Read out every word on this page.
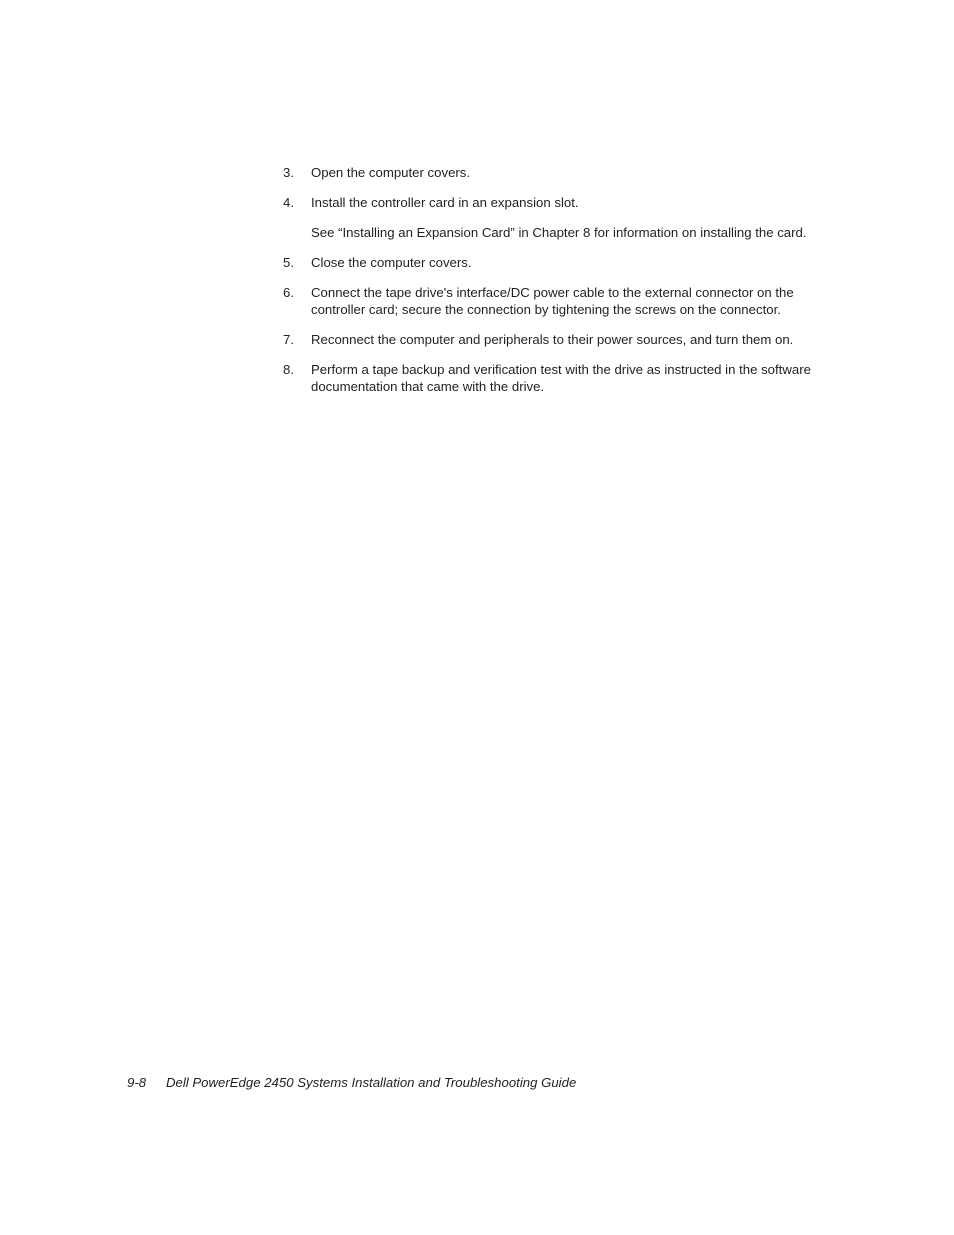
3.	Open the computer covers.
4.	Install the controller card in an expansion slot.
See “Installing an Expansion Card” in Chapter 8 for information on installing the card.
5.	Close the computer covers.
6.	Connect the tape drive's interface/DC power cable to the external connector on the controller card; secure the connection by tightening the screws on the connector.
7.	Reconnect the computer and peripherals to their power sources, and turn them on.
8.	Perform a tape backup and verification test with the drive as instructed in the software documentation that came with the drive.
9-8 Dell PowerEdge 2450 Systems Installation and Troubleshooting Guide
